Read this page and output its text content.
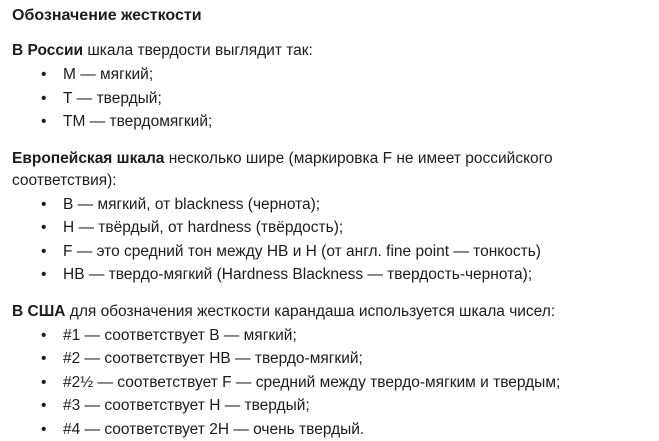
Обозначение жесткости

В России шкала твердости выглядит так:

• М — мягкий;
• Т — твердый;
• ТМ — твердомягкий;

Европейская шкала несколько шире (маркировка F не имеет российского соответствия):

• B — мягкий, от blackness (чернота);
• H — твёрдый, от hardness (твёрдость);
• F — это средний тон между HB и H (от англ. fine point — тонкость)
• HB — твердо-мягкий (Hardness Blackness — твердость-чернота);

В США для обозначения жесткости карандаша используется шкала чисел:

• #1 — соответствует B — мягкий;
• #2 — соответствует HB — твердо-мягкий;
• #2½ — соответствует F — средний между твердо-мягким и твердым;
• #3 — соответствует H — твердый;
• #4 — соответствует 2H — очень твердый.
